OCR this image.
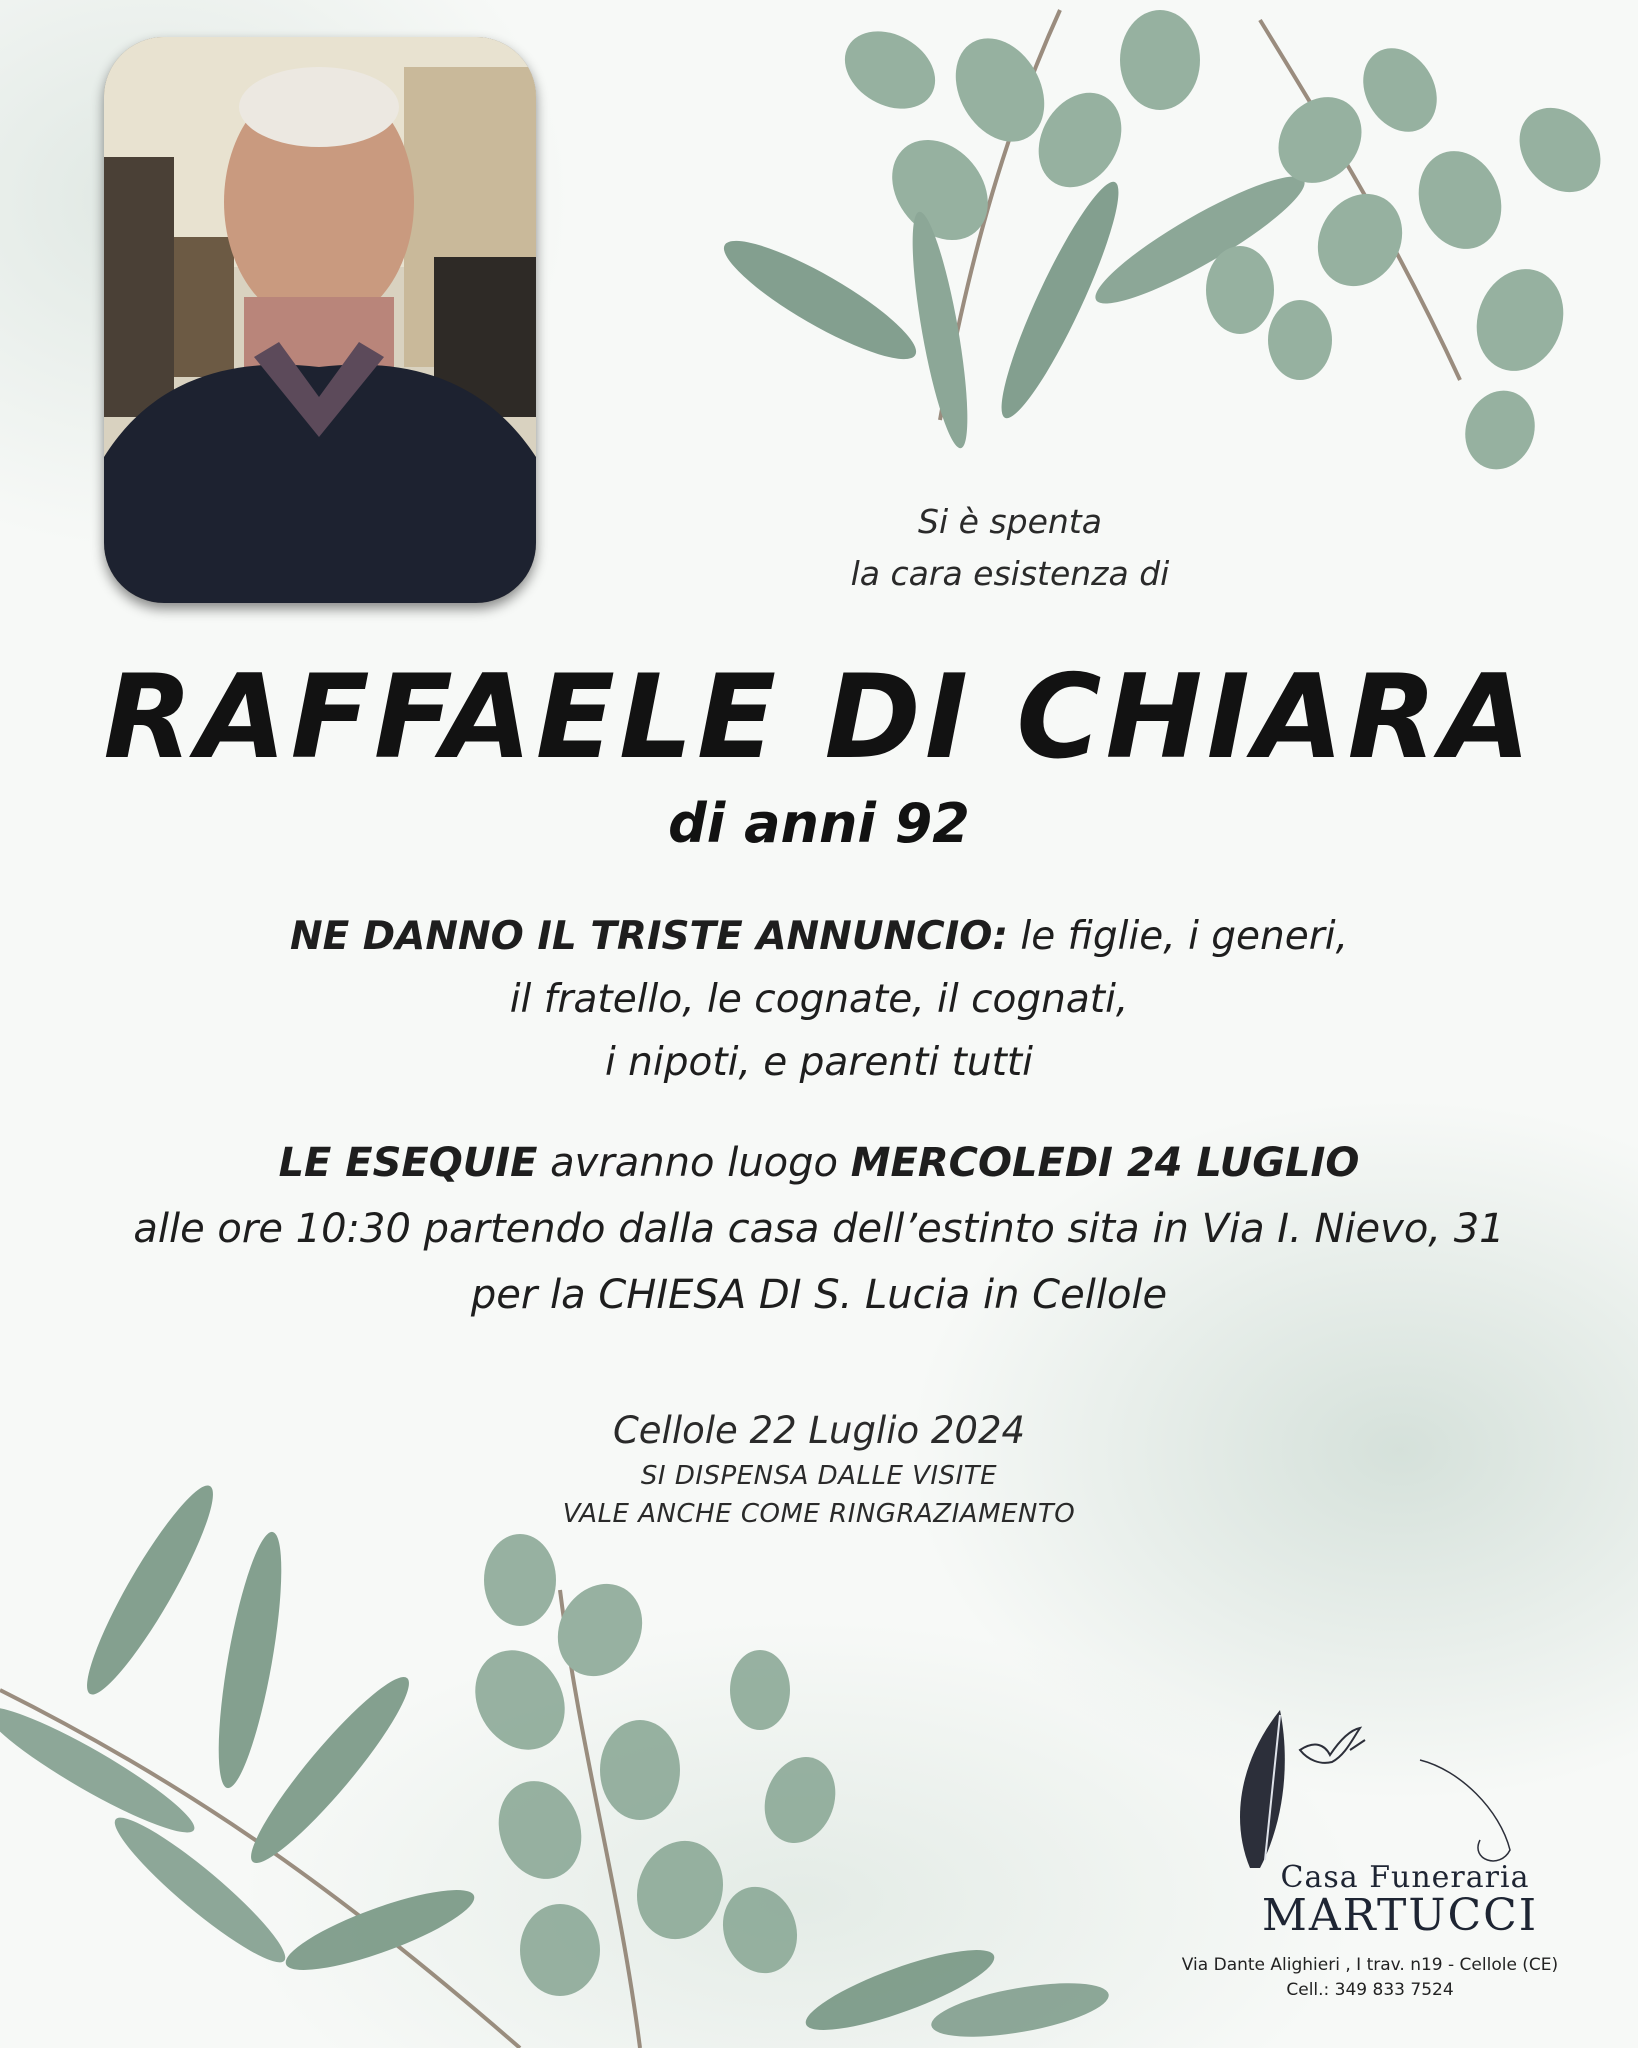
Si è spenta
la cara esistenza di
RAFFAELE DI CHIARA
di anni 92
NE DANNO IL TRISTE ANNUNCIO: le figlie, i generi,
il fratello, le cognate, il cognati,
i nipoti, e parenti tutti
LE ESEQUIE avranno luogo MERCOLEDI 24 LUGLIO
alle ore 10:30 partendo dalla casa dell’estinto sita in Via I. Nievo, 31
per la CHIESA DI S. Lucia in Cellole
Cellole 22 Luglio 2024
SI DISPENSA DALLE VISITE
VALE ANCHE COME RINGRAZIAMENTO
Casa Funeraria
MARTUCCI
Via Dante Alighieri , I trav. n19 - Cellole (CE)
Cell.: 349 833 7524
